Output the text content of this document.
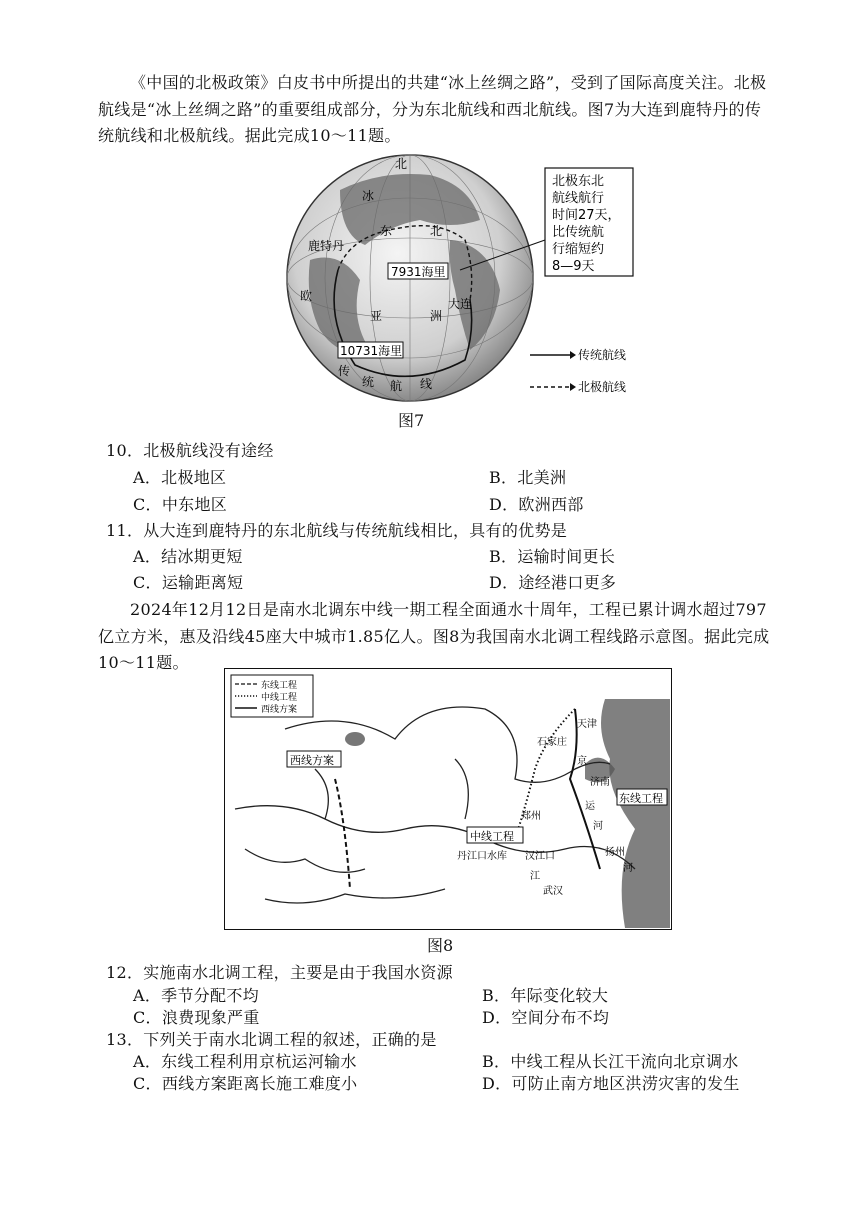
《中国的北极政策》白皮书中所提出的共建“冰上丝绸之路”，受到了国际高度关注。北极航线是“冰上丝绸之路”的重要组成部分，分为东北航线和西北航线。图7为大连到鹿特丹的传统航线和北极航线。据此完成10～11题。

7931海里
10731海里
北
冰
东	北
鹿特丹
欧
亚	洲
大连
传
统 航 线
北极东北
航线航行
时间27天，
比传统航
行缩短约
8—9天
传统航线
北极航线

图7

10．北极航线没有途经

A．北极地区	B．北美洲

C．中东地区	D．欧洲西部

11．从大连到鹿特丹的东北航线与传统航线相比，具有的优势是

A．结冰期更短	B．运输时间更长

C．运输距离短	D．途经港口更多

2024年12月12日是南水北调东中线一期工程全面通水十周年，工程已累计调水超过797亿立方米，惠及沿线45座大中城市1.85亿人。图8为我国南水北调工程线路示意图。据此完成10～11题。

东线工程
中线工程
西线方案
西线方案
中线工程
东线工程
天津
石家庄
济南
郑州
丹江口水库 汉江口
武汉
扬州
京
河
江
运
河

图8

12．实施南水北调工程，主要是由于我国水资源

A．季节分配不均	B．年际变化较大

C．浪费现象严重	D．空间分布不均

13．下列关于南水北调工程的叙述，正确的是

A．东线工程利用京杭运河输水	B．中线工程从长江干流向北京调水

C．西线方案距离长施工难度小	D．可防止南方地区洪涝灾害的发生
